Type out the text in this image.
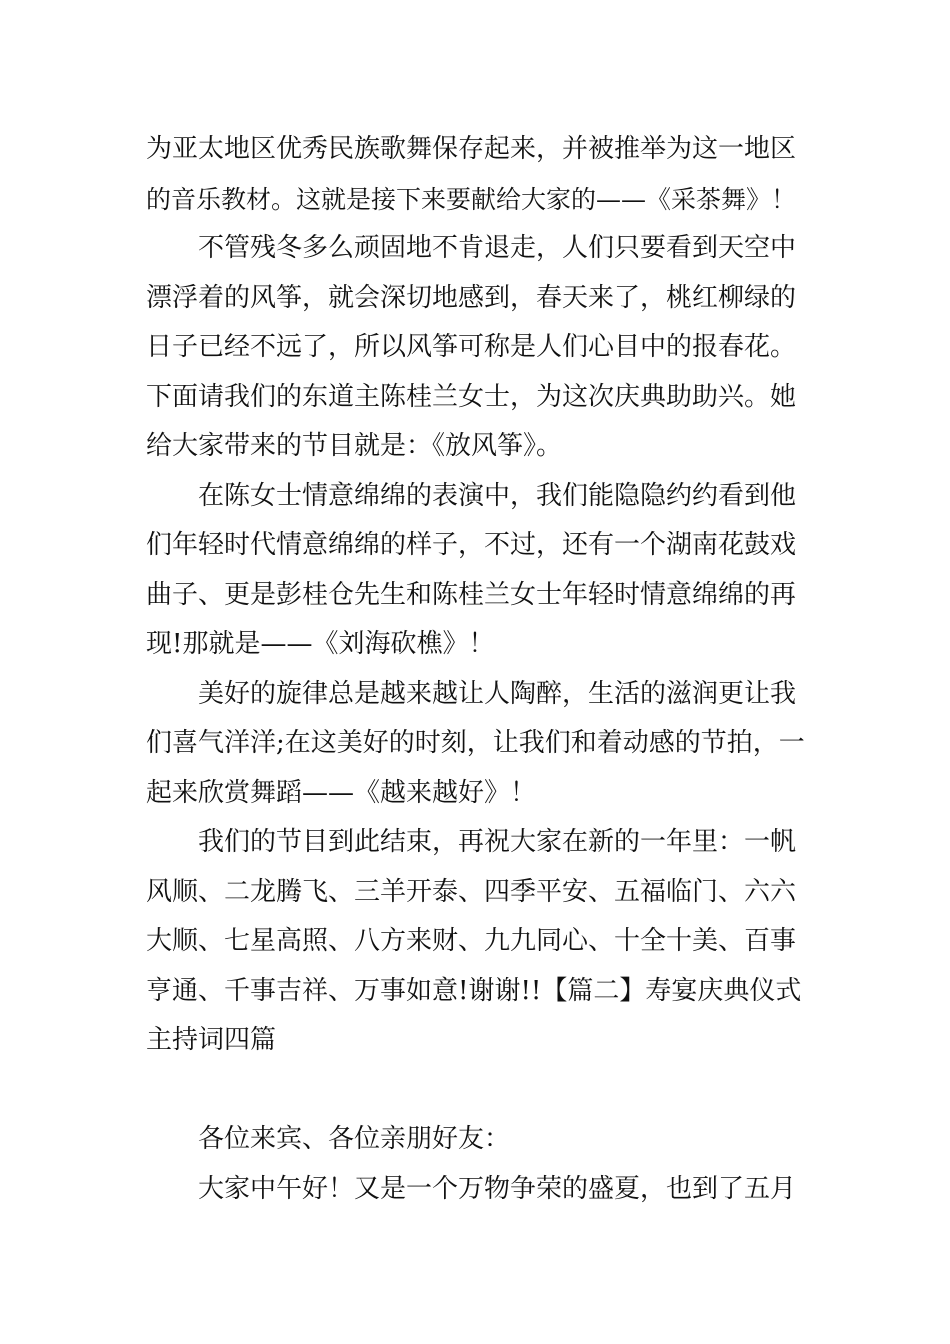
为亚太地区优秀民族歌舞保存起来，并被推举为这一地区
的音乐教材。这就是接下来要献给大家的——《采茶舞》！
不管残冬多么顽固地不肯退走，人们只要看到天空中
漂浮着的风筝，就会深切地感到，春天来了，桃红柳绿的
日子已经不远了，所以风筝可称是人们心目中的报春花。
下面请我们的东道主陈桂兰女士，为这次庆典助助兴。她
给大家带来的节目就是：《放风筝》。
在陈女士情意绵绵的表演中，我们能隐隐约约看到他
们年轻时代情意绵绵的样子，不过，还有一个湖南花鼓戏
曲子、更是彭桂仓先生和陈桂兰女士年轻时情意绵绵的再
现!那就是——《刘海砍樵》！
美好的旋律总是越来越让人陶醉，生活的滋润更让我
们喜气洋洋;在这美好的时刻，让我们和着动感的节拍，一
起来欣赏舞蹈——《越来越好》！
我们的节目到此结束，再祝大家在新的一年里：一帆
风顺、二龙腾飞、三羊开泰、四季平安、五福临门、六六
大顺、七星高照、八方来财、九九同心、十全十美、百事
亨通、千事吉祥、万事如意!谢谢!!【篇二】寿宴庆典仪式
主持词四篇
各位来宾、各位亲朋好友：
大家中午好！又是一个万物争荣的盛夏，也到了五月
